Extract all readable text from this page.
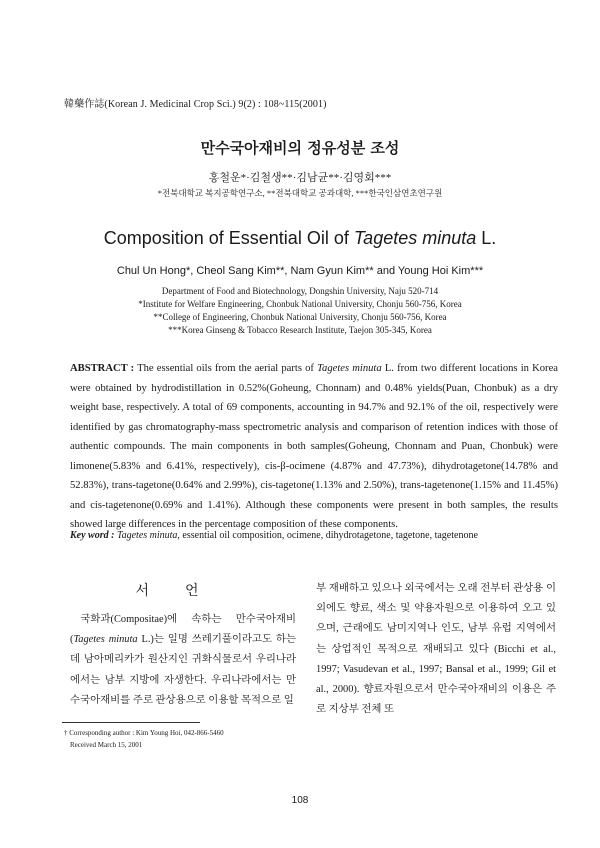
韓藥作誌(Korean J. Medicinal Crop Sci.) 9(2) : 108~115(2001)
만수국아재비의 정유성분 조성
홍철운*·김철생**·김남균**·김영회***
*전북대학교 복지공학연구소, **전북대학교 공과대학, ***한국인삼연초연구원
Composition of Essential Oil of Tagetes minuta L.
Chul Un Hong*, Cheol Sang Kim**, Nam Gyun Kim** and Young Hoi Kim***
Department of Food and Biotechnology, Dongshin University, Naju 520-714
*Institute for Welfare Engineering, Chonbuk National University, Chonju 560-756, Korea
**College of Engineering, Chonbuk National University, Chonju 560-756, Korea
***Korea Ginseng & Tobacco Research Institute, Taejon 305-345, Korea
ABSTRACT : The essential oils from the aerial parts of Tagetes minuta L. from two different locations in Korea were obtained by hydrodistillation in 0.52%(Goheung, Chonnam) and 0.48% yields(Puan, Chonbuk) as a dry weight base, respectively. A total of 69 components, accounting in 94.7% and 92.1% of the oil, respectively were identified by gas chromatography-mass spectrometric analysis and comparison of retention indices with those of authentic compounds. The main components in both samples(Goheung, Chonnam and Puan, Chonbuk) were limonene(5.83% and 6.41%, respectively), cis-β-ocimene (4.87% and 47.73%), dihydrotagetone(14.78% and 52.83%), trans-tagetone(0.64% and 2.99%), cis-tagetone(1.13% and 2.50%), trans-tagetenone(1.15% and 11.45%) and cis-tagetenone(0.69% and 1.41%). Although these components were present in both samples, the results showed large differences in the percentage composition of these components.
Key word : Tagetes minuta, essential oil composition, ocimene, dihydrotagetone, tagetone, tagetenone
서언
 국화과(Compositae)에 속하는 만수국아재비 (Tagetes minuta L.)는 일명 쓰레기풀이라고도 하는데 남아메리카가 원산지인 귀화식물로서 우리나라에서는 남부 지방에 자생한다. 우리나라에서는 만수국아재비를 주로 관상용으로 이용할 목적으로 일
부 재배하고 있으나 외국에서는 오래 전부터 관상용 이외에도 향료, 색소 및 약용자원으로 이용하여 오고 있으며, 근래에도 남미지역나 인도, 남부 유럽 지역에서는 상업적인 목적으로 재배되고 있다 (Bicchi et al., 1997; Vasudevan et al., 1997; Bansal et al., 1999; Gil et al., 2000). 향료자원으로서 만수국아재비의 이용은 주로 지상부 전체 또
† Corresponding author : Kim Young Hoi, 042-866-5460
Received March 15, 2001
108
